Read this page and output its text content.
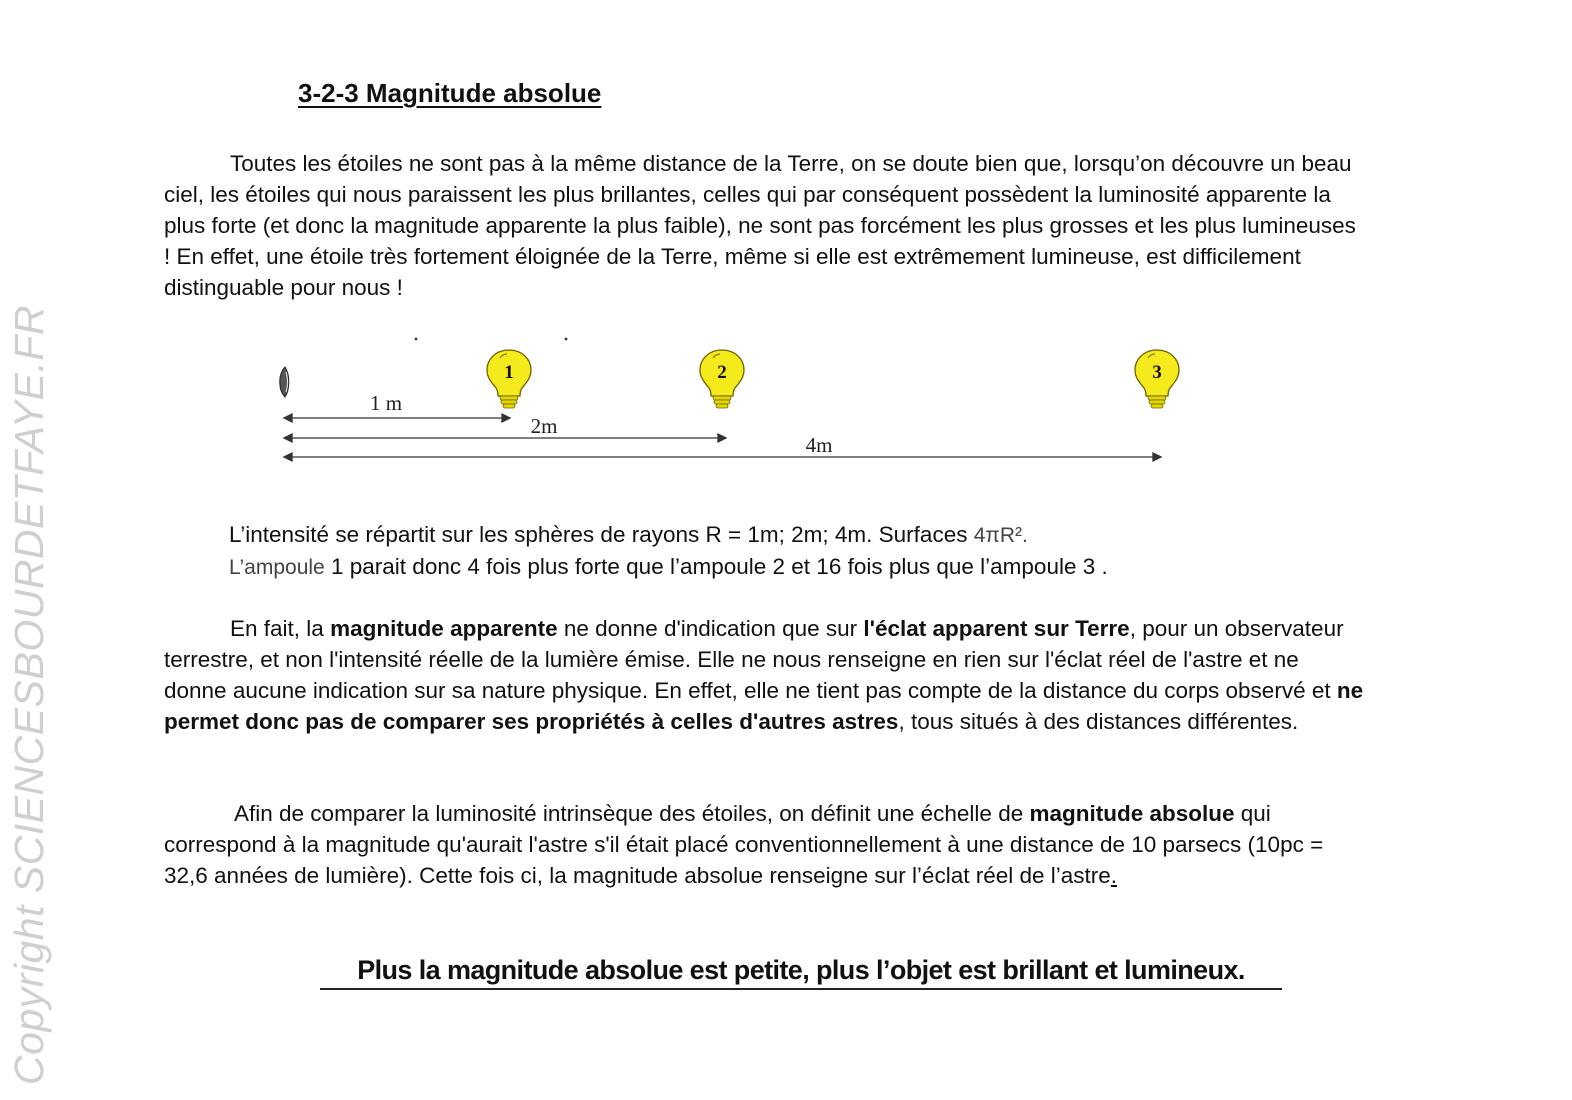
Copyright SCIENCESBOURDETFAYE.FR
3-2-3 Magnitude absolue
Toutes les étoiles ne sont pas à la même distance de la Terre, on se doute bien que, lorsqu’on découvre un beau ciel, les étoiles qui nous paraissent les plus brillantes, celles qui par conséquent possèdent la luminosité apparente la plus forte (et donc la magnitude apparente la plus faible), ne sont pas forcément les plus grosses et les plus lumineuses ! En effet, une étoile très fortement éloignée de la Terre, même si elle est extrêmement lumineuse, est difficilement distinguable pour nous !
1	2	3
1 m
2m
4m
L’intensité se répartit sur les sphères de rayons R = 1m; 2m; 4m. Surfaces 4πR².
L’ampoule 1 parait donc 4 fois plus forte que l’ampoule 2 et 16 fois plus que l’ampoule 3 .
En fait, la magnitude apparente ne donne d'indication que sur l'éclat apparent sur Terre, pour un observateur terrestre, et non l'intensité réelle de la lumière émise. Elle ne nous renseigne en rien sur l'éclat réel de l'astre et ne donne aucune indication sur sa nature physique. En effet, elle ne tient pas compte de la distance du corps observé et ne permet donc pas de comparer ses propriétés à celles d'autres astres, tous situés à des distances différentes.
Afin de comparer la luminosité intrinsèque des étoiles, on définit une échelle de magnitude absolue qui correspond à la magnitude qu'aurait l'astre s'il était placé conventionnellement à une distance de 10 parsecs (10pc = 32,6 années de lumière). Cette fois ci, la magnitude absolue renseigne sur l’éclat réel de l’astre.
Plus la magnitude absolue est petite, plus l’objet est brillant et lumineux.
